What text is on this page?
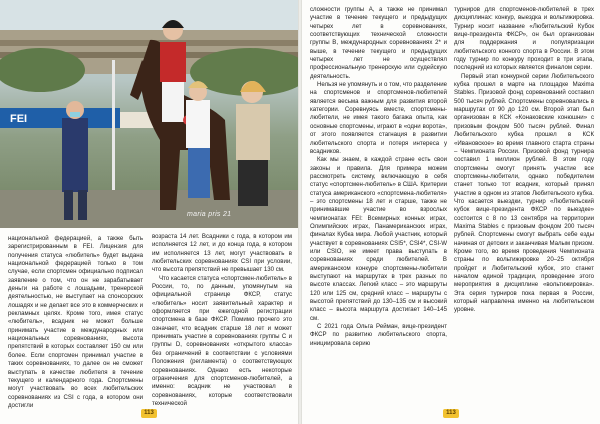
FEI
maria pris 21

национальной федерацией, а также быть зарегистрированным в FEI. Лицензия для получения статуса «любитель» будет выдана национальной федерацией только в том случае, если спортсмен официально подписал заявление о том, что он не зарабатывает деньги на работе с лошадьми, тренерской деятельностью, не выступает на спонсорских лошадях и не делает все это в коммерческих и рекламных целях. Кроме того, имея статус «любитель», всадник не может больше принимать участие в международных или национальных соревнованиях, высота препятствий в которых составляет 150 см или более. Если спортсмен принимал участие в таких соревнованиях, то далее он не сможет выступать в качестве любителя в течение текущего и календарного года. Спортсмены могут участвовать во всех любительских соревнованиях из CSI с года, в котором они достигли

возраста 14 лет. Всадники с года, в котором им исполняется 12 лет, и до конца года, в котором им исполняется 13 лет, могут участвовать в любительских соревнованиях CSI при условии, что высота препятствий не превышает 130 см.

Что касается статуса «спортсмен-любитель» в России, то, по данным, упомянутым на официальной странице ФКСР, статус «любитель» носит заявительный характер и оформляется при ежегодной регистрации спортсмена в базе ФКСР. Помимо прочего это означает, что всадник старше 18 лет и может принимать участие в соревнованиях группы С и группы D, соревнованиях «открытого класса» без ограничений в соответствии с условиями Положения (регламента) о соответствующих соревнованиях. Однако есть некоторые ограничения для спортсменов-любителей, а именно: всадник не участвовал в соревнованиях, которые соответствовали технической

113

сложности группы А, а также не принимал участие в течение текущего и предыдущих четырех лет в соревнованиях, соответствующих технической сложности группы В, международных соревнованиях 2* и выше, в течение текущего и предыдущих четырех лет не осуществлял профессиональную тренерскую или судейскую деятельность.

Нельзя не упомянуть и о том, что разделение на спортсменов и спортсменов-любителей является весьма важным для развития второй категории. Соревнуясь вместе, спортсмены-любители, не имея такого багажа опыта, как основные спортсмены, играют в «одни ворота», от этого появляется стагнация в развитии любительского спорта и потеря интереса у всадников.

Как мы знаем, в каждой стране есть свои законы и правила. Для примера можем рассмотреть систему, включающую в себя статус «спортсмен-любитель» в США. Критерии статуса американского «спортсмена-любителя» – это спортсмены 18 лет и старше, также не принимавшие участие во взрослых чемпионатах FEI: Всемирных конных играх, Олимпийских играх, Панамериканских играх, финалах Кубка мира. Любой участник, который участвует в соревнованиях CSI5*, CSI4*, CSI-W или CSIO, не имеет права выступать в соревнованиях среди любителей. В американском конкуре спортсмены-любители выступают на маршрутах в трех разных по высоте классах. Легкий класс – это маршруты 120 или 125 см, средний класс – маршруты с высотой препятствий до 130–135 см и высокий класс – высота маршрута достигает 140–145 см.

С 2021 года Ольга Рейман, вице-президент ФКСР по развитию любительского спорта, инициировала серию

турниров для спортсменов-любителей в трех дисциплинах: конкур, выездка и вольтижировка. Турнир носит название «Любительский Кубок вице-президента ФКСР», он был организован для поддержания и популяризации любительского конного спорта в России. В этом году турнир по конкуру проходит в три этапа, последний из которых является финалом серии.

Первый этап конкурной серии Любительского кубка прошел в марте на площадке Maxima Stables. Призовой фонд соревнований составил 500 тысяч рублей. Спортсмены соревновались в маршрутах от 90 до 120 см. Второй этап был организован в КСК «Конаковские конюшни» с призовым фондом 500 тысяч рублей. Финал Любительского кубка прошел в КСК «Ивановское» во время главного старта страны – Чемпионата России. Призовой фонд турнира составил 1 миллион рублей. В этом году спортсмены смогут принять участие все спортсмены-любители, однако победителем станет только тот всадник, который принял участие в одном из этапов Любительского кубка. Что касается выездки, турнир «Любительский кубок вице-президента ФКСР по выездке» состоится с 8 по 13 сентября на территории Maxima Stables с призовым фондом 200 тысяч рублей. Спортсмены смогут выбрать себе езды начиная от детских и заканчивая Малым призом. Кроме того, во время проведения Чемпионата страны по вольтижировке 20–25 октября пройдет и Любительский кубок, это станет началом единой традиции, проведение этого мероприятия в дисциплине «вольтижировка». Эта серия турниров пока первая в России, который направлена именно на любительском уровне.

113
